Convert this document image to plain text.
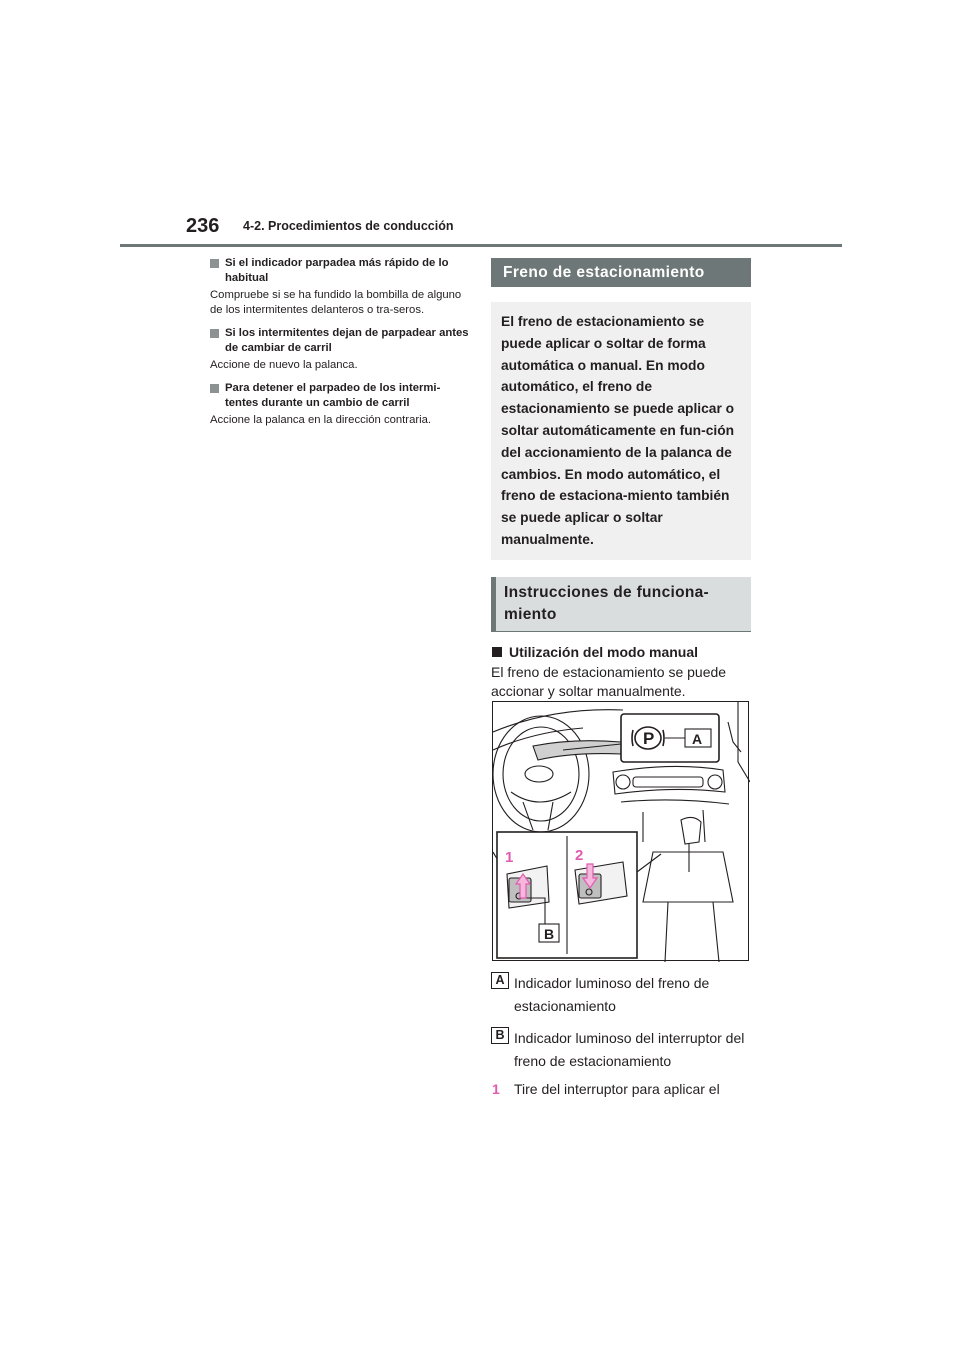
236 4-2. Procedimientos de conducción
Si el indicador parpadea más rápido de lo habitual
Compruebe si se ha fundido la bombilla de alguno de los intermitentes delanteros o tra-seros.
Si los intermitentes dejan de parpadear antes de cambiar de carril
Accione de nuevo la palanca.
Para detener el parpadeo de los intermi-tentes durante un cambio de carril
Accione la palanca en la dirección contraria.
Freno de estacionamiento
El freno de estacionamiento se puede aplicar o soltar de forma automática o manual. En modo automático, el freno de estacionamiento se puede aplicar o soltar automáticamente en fun-ción del accionamiento de la palanca de cambios. En modo automático, el freno de estaciona-miento también se puede aplicar o soltar manualmente.
Instrucciones de funciona-miento
Utilización del modo manual
El freno de estacionamiento se puede accionar y soltar manualmente.
P	A
B
1	2
A Indicador luminoso del freno de estacionamiento
B Indicador luminoso del interruptor del freno de estacionamiento
1 Tire del interruptor para aplicar el
